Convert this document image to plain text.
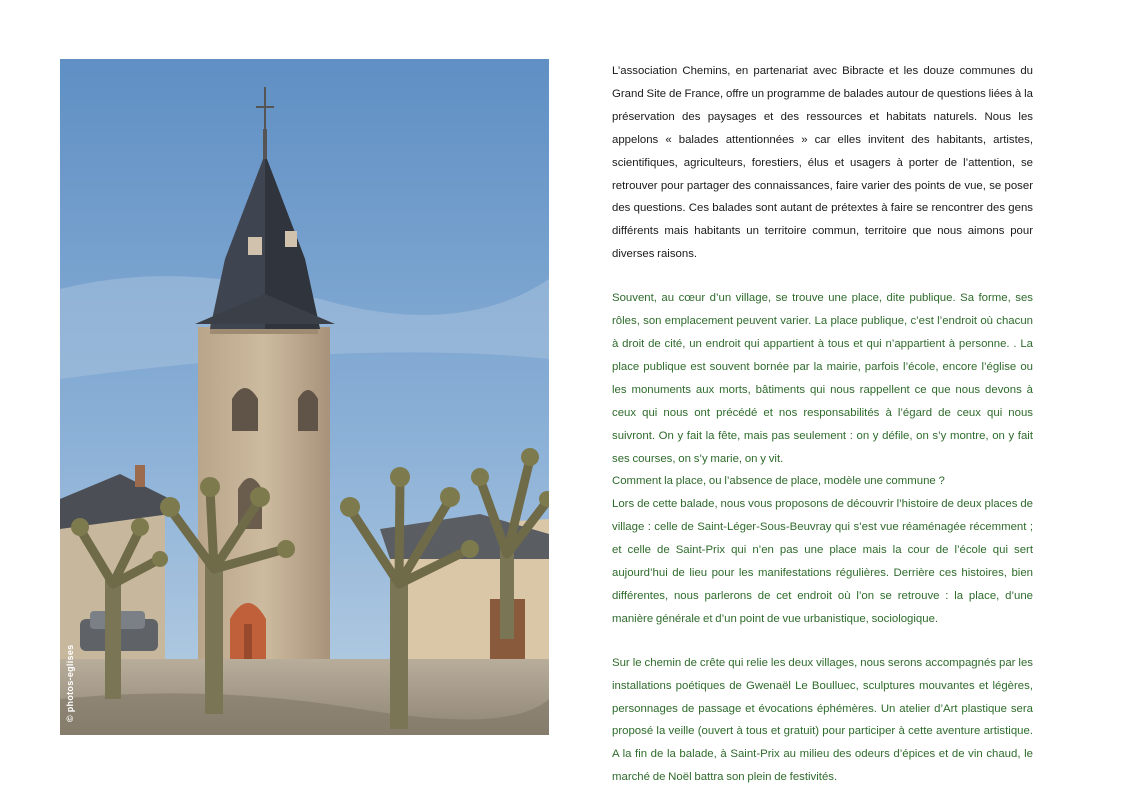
© photos-eglises

L’association Chemins, en partenariat avec Bibracte et les douze communes du Grand Site de France, offre un programme de balades autour de questions liées à la préservation des paysages et des ressources et habitats naturels. Nous les appelons « balades attentionnées » car elles invitent des habitants, artistes, scientifiques, agriculteurs, forestiers, élus et usagers à porter de l’attention, se retrouver pour partager des connaissances, faire varier des points de vue, se poser des questions. Ces balades sont autant de prétextes à faire se rencontrer des gens différents mais habitants un territoire commun, territoire que nous aimons pour diverses raisons.

Souvent, au cœur d’un village, se trouve une place, dite publique. Sa forme, ses rôles, son emplacement peuvent varier. La place publique, c’est l’endroit où chacun à droit de cité, un endroit qui appartient à tous et qui n’appartient à personne. . La place publique est souvent bornée par la mairie, parfois l’école, encore l’église ou les monuments aux morts, bâtiments qui nous rappellent ce que nous devons à ceux qui nous ont précédé et nos responsabilités à l’égard de ceux qui nous suivront. On y fait la fête, mais pas seulement : on y défile, on s’y montre, on y fait ses courses, on s’y marie, on y vit.

Comment la place, ou l’absence de place, modèle une commune ?

Lors de cette balade, nous vous proposons de découvrir l’histoire de deux places de village : celle de Saint-Léger-Sous-Beuvray qui s’est vue réaménagée récemment ; et celle de Saint-Prix qui n’en pas une place mais la cour de l’école qui sert aujourd’hui de lieu pour les manifestations régulières. Derrière ces histoires, bien différentes, nous parlerons de cet endroit où l’on se retrouve : la place, d’une manière générale et d’un point de vue urbanistique, sociologique.

Sur le chemin de crête qui relie les deux villages, nous serons accompagnés par les installations poétiques de Gwenaël Le Boulluec, sculptures mouvantes et légères, personnages de passage et évocations éphémères. Un atelier d’Art plastique sera proposé la veille (ouvert à tous et gratuit) pour participer à cette aventure artistique. A la fin de la balade, à Saint-Prix au milieu des odeurs d’épices et de vin chaud, le marché de Noël battra son plein de festivités.
